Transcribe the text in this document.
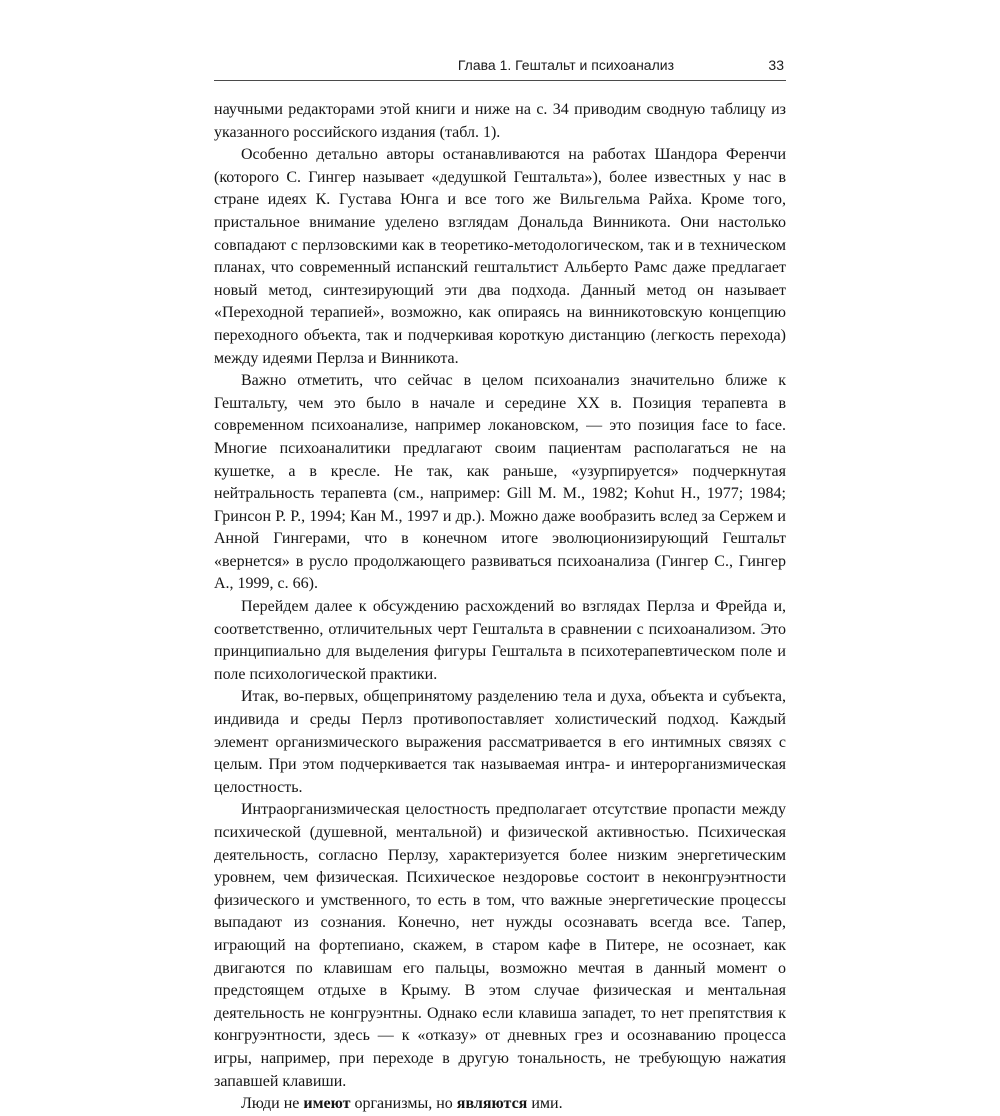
Глава 1. Гештальт и психоанализ	33

научными редакторами этой книги и ниже на с. 34 приводим сводную таблицу из указанного российского издания (табл. 1).

Особенно детально авторы останавливаются на работах Шандора Ференчи (которого С. Гингер называет «дедушкой Гештальта»), более известных у нас в стране идеях К. Густава Юнга и все того же Вильгельма Райха. Кроме того, пристальное внимание уделено взглядам Дональда Винникота. Они настолько совпадают с перлзовскими как в теоретико-методологическом, так и в техническом планах, что современный испанский гештальтист Альберто Рамс даже предлагает новый метод, синтезирующий эти два подхода. Данный метод он называет «Переходной терапией», возможно, как опираясь на винникотовскую концепцию переходного объекта, так и подчеркивая короткую дистанцию (легкость перехода) между идеями Перлза и Винникота.

Важно отметить, что сейчас в целом психоанализ значительно ближе к Гештальту, чем это было в начале и середине XX в. Позиция терапевта в современном психоанализе, например локановском, — это позиция face to face. Многие психоаналитики предлагают своим пациентам располагаться не на кушетке, а в кресле. Не так, как раньше, «узурпируется» подчеркнутая нейтральность терапевта (см., например: Gill M. M., 1982; Kohut H., 1977; 1984; Гринсон Р. Р., 1994; Кан М., 1997 и др.). Можно даже вообразить вслед за Сержем и Анной Гингерами, что в конечном итоге эволюционизирующий Гештальт «вернется» в русло продолжающего развиваться психоанализа (Гингер С., Гингер А., 1999, с. 66).

Перейдем далее к обсуждению расхождений во взглядах Перлза и Фрейда и, соответственно, отличительных черт Гештальта в сравнении с психоанализом. Это принципиально для выделения фигуры Гештальта в психотерапевтическом поле и поле психологической практики.

Итак, во-первых, общепринятому разделению тела и духа, объекта и субъекта, индивида и среды Перлз противопоставляет холистический подход. Каждый элемент организмического выражения рассматривается в его интимных связях с целым. При этом подчеркивается так называемая интра- и интерорганизмическая целостность.

Интраорганизмическая целостность предполагает отсутствие пропасти между психической (душевной, ментальной) и физической активностью. Психическая деятельность, согласно Перлзу, характеризуется более низким энергетическим уровнем, чем физическая. Психическое нездоровье состоит в неконгруэнтности физического и умственного, то есть в том, что важные энергетические процессы выпадают из сознания. Конечно, нет нужды осознавать всегда все. Тапер, играющий на фортепиано, скажем, в старом кафе в Питере, не осознает, как двигаются по клавишам его пальцы, возможно мечтая в данный момент о предстоящем отдыхе в Крыму. В этом случае физическая и ментальная деятельность не конгруэнтны. Однако если клавиша западет, то нет препятствия к конгруэнтности, здесь — к «отказу» от дневных грез и осознаванию процесса игры, например, при переходе в другую тональность, не требующую нажатия запавшей клавиши.

Люди не имеют организмы, но являются ими.
